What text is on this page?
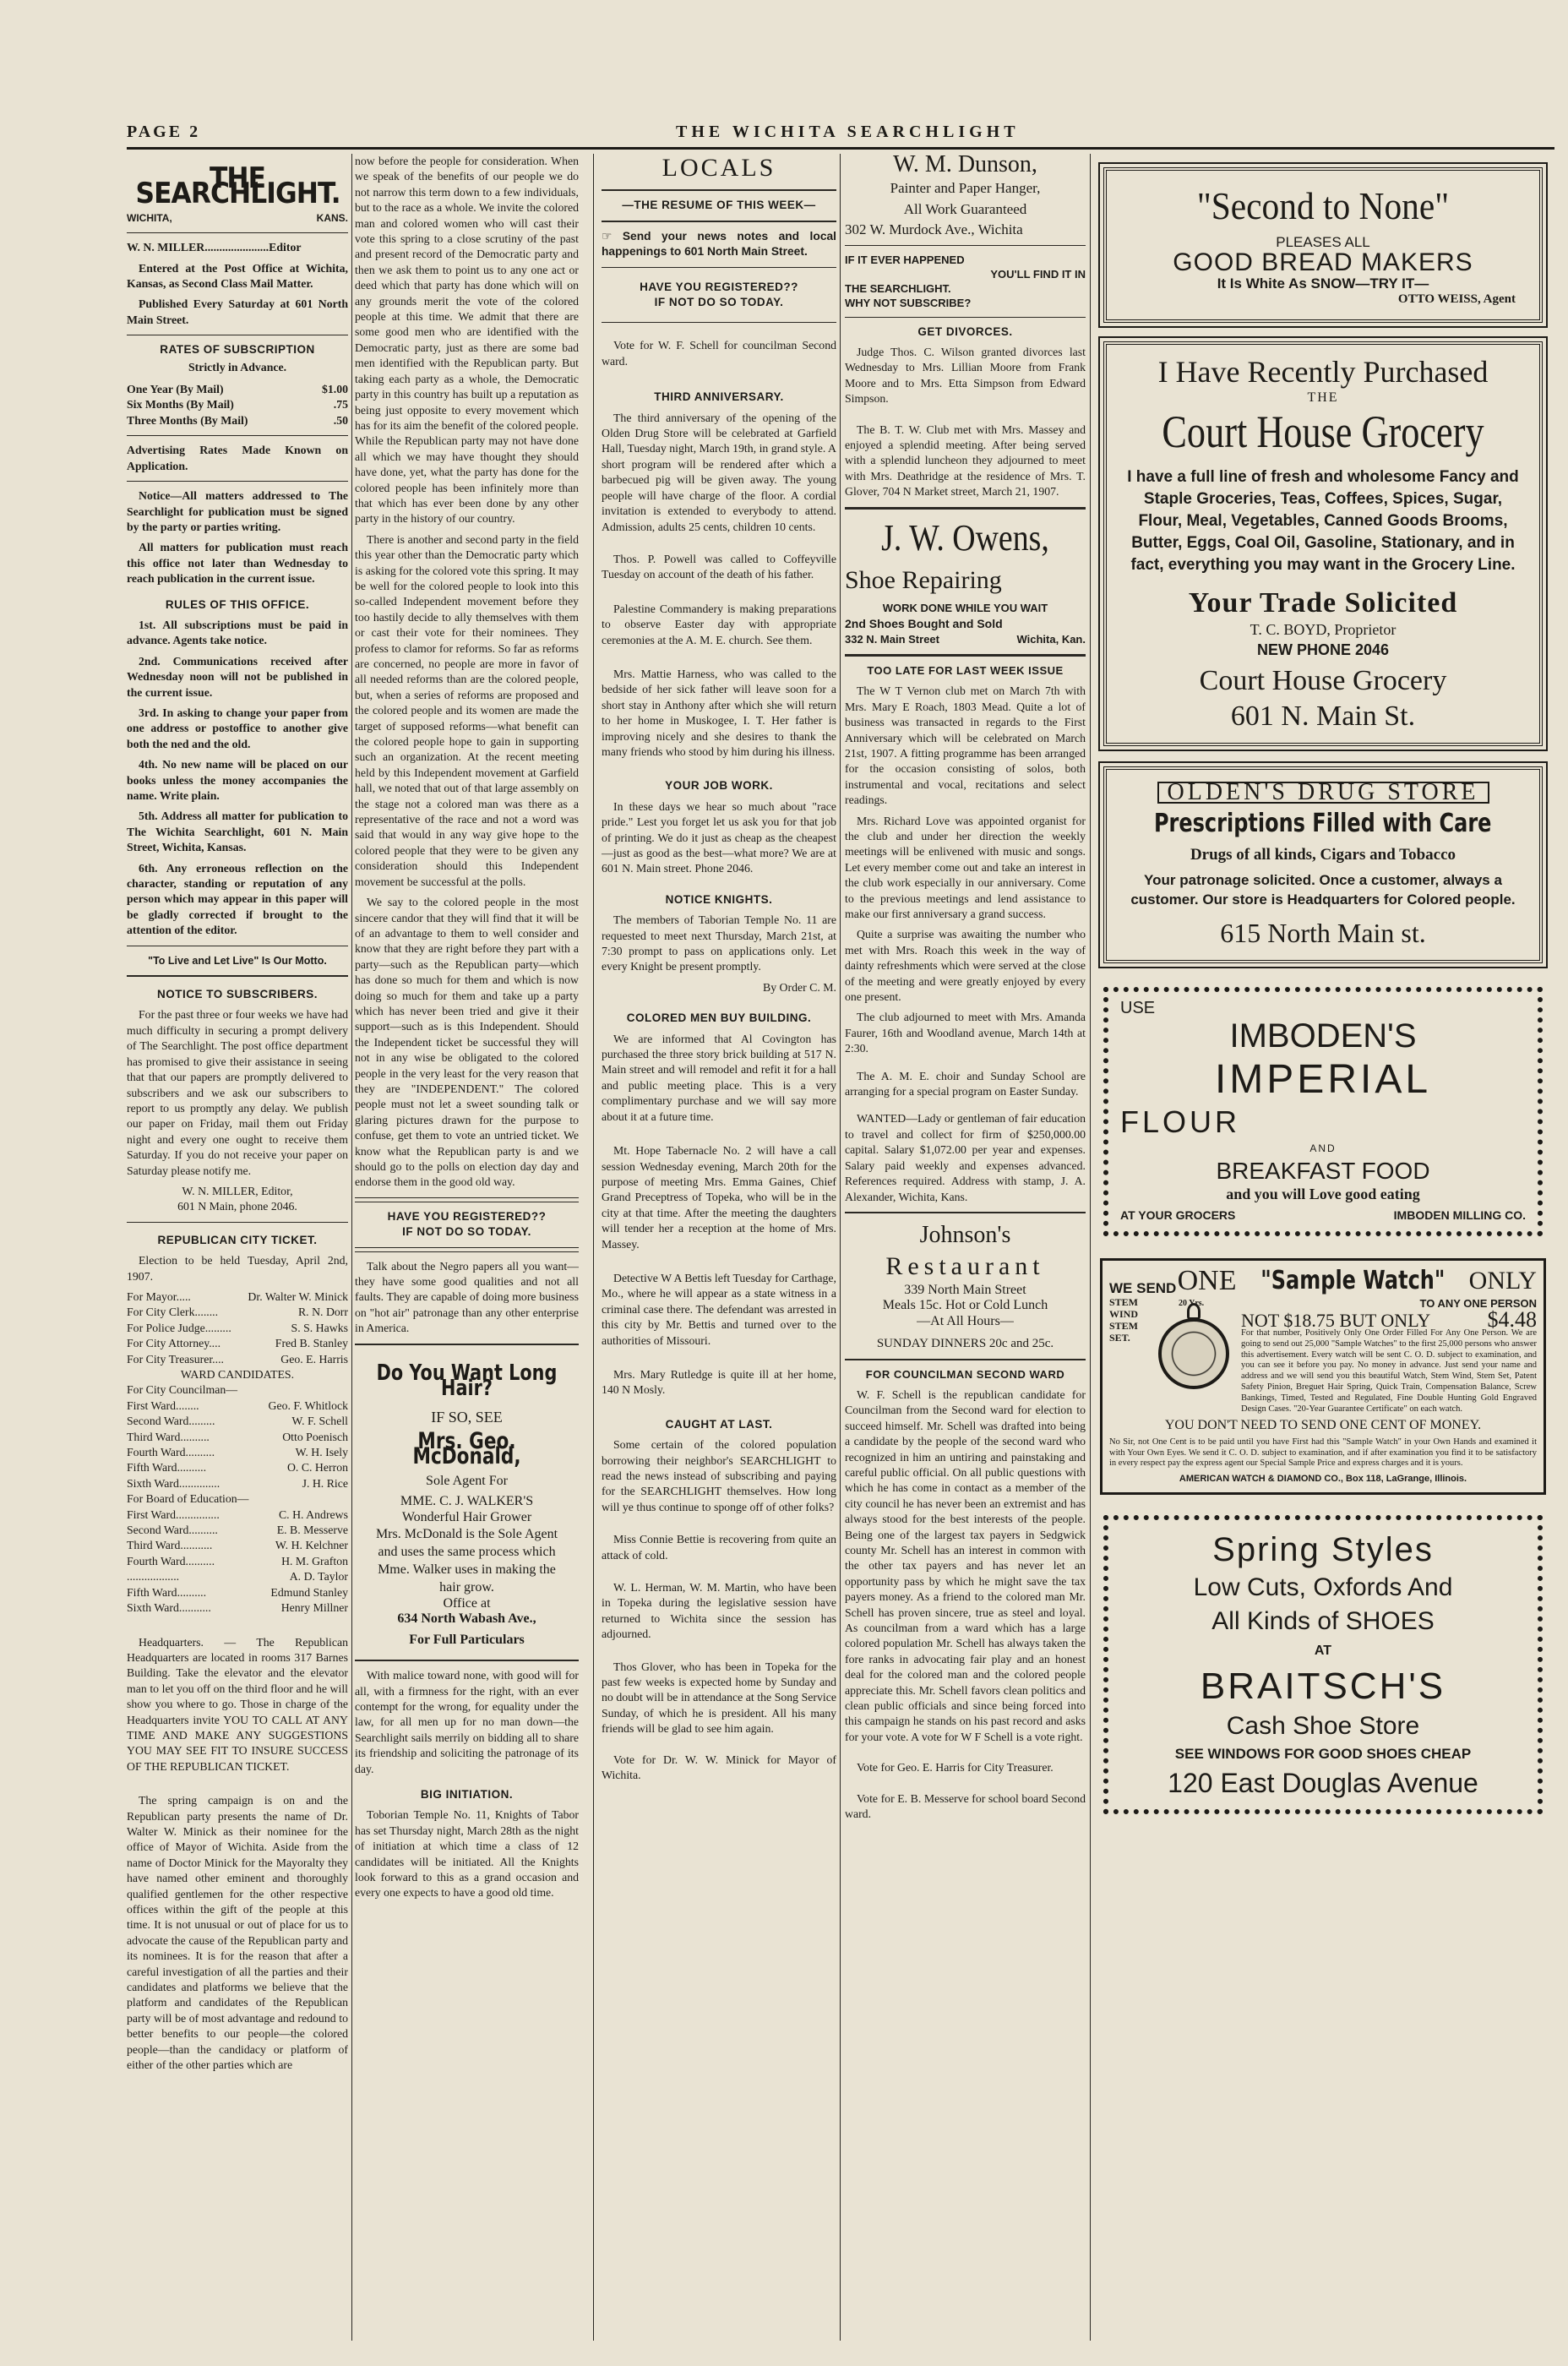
PAGE 2	THE WICHITA SEARCHLIGHT
THE SEARCHLIGHT.
WICHITA,	KANS.

W. N. MILLER......................Editor

Entered at the Post Office at Wichita, Kansas, as Second Class Mail Matter.

Published Every Saturday at 601 North Main Street.

RATES OF SUBSCRIPTION
Strictly in Advance.
One Year (By Mail)	$1.00
Six Months (By Mail)	.75
Three Months (By Mail)	.50

Advertising Rates Made Known on Application.

Notice—All matters addressed to The Searchlight for publication must be signed by the party or parties writing.

All matters for publication must reach this office not later than Wednesday to reach publication in the current issue.

RULES OF THIS OFFICE.

1st. All subscriptions must be paid in advance. Agents take notice.

2nd. Communications received after Wednesday noon will not be published in the current issue.

3rd. In asking to change your paper from one address or postoffice to another give both the ned and the old.

4th. No new name will be placed on our books unless the money accompanies the name. Write plain.

5th. Address all matter for publication to The Wichita Searchlight, 601 N. Main Street, Wichita, Kansas.

6th. Any erroneous reflection on the character, standing or reputation of any person which may appear in this paper will be gladly corrected if brought to the attention of the editor.

"To Live and Let Live" Is Our Motto.
NOTICE TO SUBSCRIBERS.

For the past three or four weeks we have had much difficulty in securing a prompt delivery of The Searchlight. The post office department has promised to give their assistance in seeing that that our papers are promptly delivered to subscribers and we ask our subscribers to report to us promptly any delay. We publish our paper on Friday, mail them out Friday night and every one ought to receive them Saturday. If you do not receive your paper on Saturday please notify me.

W. N. MILLER, Editor,
601 N Main, phone 2046.
REPUBLICAN CITY TICKET.

Election to be held Tuesday, April 2nd, 1907.

For Mayor.....	Dr. Walter W. Minick
For City Clerk........	R. N. Dorr
For Police Judge.........	S. S. Hawks
For City Attorney....	Fred B. Stanley
For City Treasurer....	Geo. E. Harris
WARD CANDIDATES.
For City Councilman—
First Ward........	Geo. F. Whitlock
Second Ward.........	W. F. Schell
Third Ward..........	Otto Poenisch
Fourth Ward..........	W. H. Isely
Fifth Ward..........	O. C. Herron
Sixth Ward..............	J. H. Rice
For Board of Education—
First Ward...............	C. H. Andrews
Second Ward..........	E. B. Messerve
Third Ward...........	W. H. Kelchner
Fourth Ward..........	H. M. Grafton
..................	A. D. Taylor
Fifth Ward..........	Edmund Stanley
Sixth Ward...........	Henry Millner

Headquarters. — The Republican Headquarters are located in rooms 317 Barnes Building. Take the elevator and the elevator man to let you off on the third floor and he will show you where to go. Those in charge of the Headquarters invite YOU TO CALL AT ANY TIME AND MAKE ANY SUGGESTIONS YOU MAY SEE FIT TO INSURE SUCCESS OF THE REPUBLICAN TICKET.

The spring campaign is on and the Republican party presents the name of Dr. Walter W. Minick as their nominee for the office of Mayor of Wichita. Aside from the name of Doctor Minick for the Mayoralty they have named other eminent and thoroughly qualified gentlemen for the other respective offices within the gift of the people at this time. It is not unusual or out of place for us to advocate the cause of the Republican party and its nominees. It is for the reason that after a careful investigation of all the parties and their candidates and platforms we believe that the platform and candidates of the Republican party will be of most advantage and redound to better benefits to our people—the colored people—than the candidacy or platform of either of the other parties which are

now before the people for consideration. When we speak of the benefits of our people we do not narrow this term down to a few individuals, but to the race as a whole. We invite the colored man and colored women who will cast their vote this spring to a close scrutiny of the past and present record of the Democratic party and then we ask them to point us to any one act or deed which that party has done which will on any grounds merit the vote of the colored people at this time. We admit that there are some good men who are identified with the Democratic party, just as there are some bad men identified with the Republican party. But taking each party as a whole, the Democratic party in this country has built up a reputation as being just opposite to every movement which has for its aim the benefit of the colored people. While the Republican party may not have done all which we may have thought they should have done, yet, what the party has done for the colored people has been infinitely more than that which has ever been done by any other party in the history of our country.

There is another and second party in the field this year other than the Democratic party which is asking for the colored vote this spring. It may be well for the colored people to look into this so-called Independent movement before they too hastily decide to ally themselves with them or cast their vote for their nominees. They profess to clamor for reforms. So far as reforms are concerned, no people are more in favor of all needed reforms than are the colored people, but, when a series of reforms are proposed and the colored people and its women are made the target of supposed reforms—what benefit can the colored people hope to gain in supporting such an organization. At the recent meeting held by this Independent movement at Garfield hall, we noted that out of that large assembly on the stage not a colored man was there as a representative of the race and not a word was said that would in any way give hope to the colored people that they were to be given any consideration should this Independent movement be successful at the polls.

We say to the colored people in the most sincere candor that they will find that it will be of an advantage to them to well consider and know that they are right before they part with a party—such as the Republican party—which has done so much for them and which is now doing so much for them and take up a party which has never been tried and give it their support—such as is this Independent. Should the Independent ticket be successful they will not in any wise be obligated to the colored people in the very least for the very reason that they are "INDEPENDENT." The colored people must not let a sweet sounding talk or glaring pictures drawn for the purpose to confuse, get them to vote an untried ticket. We know what the Republican party is and we should go to the polls on election day day and endorse them in the good old way.

HAVE YOU REGISTERED??
IF NOT DO SO TODAY.

Talk about the Negro papers all you want—they have some good qualities and not all faults. They are capable of doing more business on "hot air" patronage than any other enterprise in America.

Do You Want Long Hair?
IF SO, SEE
Mrs. Geo. McDonald,
Sole Agent For
MME. C. J. WALKER'S
Wonderful Hair Grower
Mrs. McDonald is the Sole Agent and uses the same process which Mme. Walker uses in making the hair grow.
Office at
634 North Wabash Ave.,
For Full Particulars

With malice toward none, with good will for all, with a firmness for the right, with an ever contempt for the wrong, for equality under the law, for all men up for no man down—the Searchlight sails merrily on bidding all to share its friendship and soliciting the patronage of its day.

BIG INITIATION.

Toborian Temple No. 11, Knights of Tabor has set Thursday night, March 28th as the night of initiation at which time a class of 12 candidates will be initiated. All the Knights look forward to this as a grand occasion and every one expects to have a good old time.

LOCALS
—THE RESUME OF THIS WEEK—

☞ Send your news notes and local happenings to 601 North Main Street.

HAVE YOU REGISTERED??
IF NOT DO SO TODAY.

Vote for W. F. Schell for councilman Second ward.

THIRD ANNIVERSARY.

The third anniversary of the opening of the Olden Drug Store will be celebrated at Garfield Hall, Tuesday night, March 19th, in grand style. A short program will be rendered after which a barbecued pig will be given away. The young people will have charge of the floor. A cordial invitation is extended to everybody to attend. Admission, adults 25 cents, children 10 cents.

Thos. P. Powell was called to Coffeyville Tuesday on account of the death of his father.

Palestine Commandery is making preparations to observe Easter day with appropriate ceremonies at the A. M. E. church. See them.

Mrs. Mattie Harness, who was called to the bedside of her sick father will leave soon for a short stay in Anthony after which she will return to her home in Muskogee, I. T. Her father is improving nicely and she desires to thank the many friends who stood by him during his illness.

YOUR JOB WORK.

In these days we hear so much about "race pride." Lest you forget let us ask you for that job of printing. We do it just as cheap as the cheapest—just as good as the best—what more? We are at 601 N. Main street. Phone 2046.

NOTICE KNIGHTS.

The members of Taborian Temple No. 11 are requested to meet next Thursday, March 21st, at 7:30 prompt to pass on applications only. Let every Knight be present promptly.

By Order C. M.
COLORED MEN BUY BUILDING.

We are informed that Al Covington has purchased the three story brick building at 517 N. Main street and will remodel and refit it for a hall and public meeting place. This is a very complimentary purchase and we will say more about it at a future time.

Mt. Hope Tabernacle No. 2 will have a call session Wednesday evening, March 20th for the purpose of meeting Mrs. Emma Gaines, Chief Grand Preceptress of Topeka, who will be in the city at that time. After the meeting the daughters will tender her a reception at the home of Mrs. Massey.

Detective W A Bettis left Tuesday for Carthage, Mo., where he will appear as a state witness in a criminal case there. The defendant was arrested in this city by Mr. Bettis and turned over to the authorities of Missouri.

Mrs. Mary Rutledge is quite ill at her home, 140 N Mosly.

CAUGHT AT LAST.

Some certain of the colored population borrowing their neighbor's SEARCHLIGHT to read the news instead of subscribing and paying for the SEARCHLIGHT themselves. How long will ye thus continue to sponge off of other folks?

Miss Connie Bettie is recovering from quite an attack of cold.

W. L. Herman, W. M. Martin, who have been in Topeka during the legislative session have returned to Wichita since the session has adjourned.

Thos Glover, who has been in Topeka for the past few weeks is expected home by Sunday and no doubt will be in attendance at the Song Service Sunday, of which he is president. All his many friends will be glad to see him again.

Vote for Dr. W. W. Minick for Mayor of Wichita.

W. M. Dunson,
Painter and Paper Hanger,
All Work Guaranteed
302 W. Murdock Ave., Wichita
IF IT EVER HAPPENED
YOU'LL FIND IT IN
THE SEARCHLIGHT.
WHY NOT SUBSCRIBE?
GET DIVORCES.

Judge Thos. C. Wilson granted divorces last Wednesday to Mrs. Lillian Moore from Frank Moore and to Mrs. Etta Simpson from Edward Simpson.

The B. T. W. Club met with Mrs. Massey and enjoyed a splendid meeting. After being served with a splendid luncheon they adjourned to meet with Mrs. Deathridge at the residence of Mrs. T. Glover, 704 N Market street, March 21, 1907.

J. W. Owens,
Shoe Repairing
WORK DONE WHILE YOU WAIT
2nd Shoes Bought and Sold
332 N. Main Street	Wichita, Kan.
TOO LATE FOR LAST WEEK ISSUE

The W T Vernon club met on March 7th with Mrs. Mary E Roach, 1803 Mead. Quite a lot of business was transacted in regards to the First Anniversary which will be celebrated on March 21st, 1907. A fitting programme has been arranged for the occasion consisting of solos, both instrumental and vocal, recitations and select readings.

Mrs. Richard Love was appointed organist for the club and under her direction the weekly meetings will be enlivened with music and songs. Let every member come out and take an interest in the club work especially in our anniversary. Come to the previous meetings and lend assistance to make our first anniversary a grand success.

Quite a surprise was awaiting the number who met with Mrs. Roach this week in the way of dainty refreshments which were served at the close of the meeting and were greatly enjoyed by every one present.

The club adjourned to meet with Mrs. Amanda Faurer, 16th and Woodland avenue, March 14th at 2:30.

The A. M. E. choir and Sunday School are arranging for a special program on Easter Sunday.

WANTED—Lady or gentleman of fair education to travel and collect for firm of $250,000.00 capital. Salary $1,072.00 per year and expenses. Salary paid weekly and expenses advanced. References required. Address with stamp, J. A. Alexander, Wichita, Kans.

Johnson's
Restaurant
339 North Main Street
Meals 15c. Hot or Cold Lunch
—At All Hours—
SUNDAY DINNERS 20c and 25c.
FOR COUNCILMAN SECOND WARD

W. F. Schell is the republican candidate for Councilman from the Second ward for election to succeed himself. Mr. Schell was drafted into being a candidate by the people of the second ward who recognized in him an untiring and painstaking and careful public official. On all public questions with which he has come in contact as a member of the city council he has never been an extremist and has always stood for the best interests of the people. Being one of the largest tax payers in Sedgwick county Mr. Schell has an interest in common with the other tax payers and has never let an opportunity pass by which he might save the tax payers money. As a friend to the colored man Mr. Schell has proven sincere, true as steel and loyal. As councilman from a ward which has a large colored population Mr. Schell has always taken the fore ranks in advocating fair play and an honest deal for the colored man and the colored people appreciate this. Mr. Schell favors clean politics and clean public officials and since being forced into this campaign he stands on his past record and asks for your vote. A vote for W F Schell is a vote right.

Vote for Geo. E. Harris for City Treasurer.

Vote for E. B. Messerve for school board Second ward.

"Second to None"
PLEASES ALL
GOOD BREAD MAKERS
It Is White As SNOW—TRY IT—
OTTO WEISS, Agent
I Have Recently Purchased
THE
Court House Grocery
I have a full line of fresh and wholesome Fancy and Staple Groceries, Teas, Coffees, Spices, Sugar, Flour, Meal, Vegetables, Canned Goods Brooms, Butter, Eggs, Coal Oil, Gasoline, Stationary, and in fact, everything you may want in the Grocery Line.
Your Trade Solicited
T. C. BOYD, Proprietor
NEW PHONE 2046
Court House Grocery
601 N. Main St.
OLDEN'S DRUG STORE Prescriptions Filled with Care
Drugs of all kinds, Cigars and Tobacco
Your patronage solicited. Once a customer, always a customer. Our store is Headquarters for Colored people.
615 North Main st.
USE
IMBODEN'S
IMPERIAL
FLOUR
AND
BREAKFAST FOOD
and you will Love good eating
AT YOUR GROCERS	IMBODEN MILLING CO.
WE SEND ONE "Sample Watch" ONLY
STEM
WIND
STEM
SET.
20 Yrs.	TO ANY ONE PERSON
NOT $18.75 BUT ONLY	$4.48
For that number, Positively Only One Order Filled For Any One Person. We are going to send out 25,000 "Sample Watches" to the first 25,000 persons who answer this advertisement. Every watch will be sent C. O. D. subject to examination, and you can see it before you pay. No money in advance. Just send your name and address and we will send you this beautiful Watch, Stem Wind, Stem Set, Patent Safety Pinion, Breguet Hair Spring, Quick Train, Compensation Balance, Screw Bankings, Timed, Tested and Regulated, Fine Double Hunting Gold Engraved Design Cases. "20-Year Guarantee Certificate" on each watch.
YOU DON'T NEED TO SEND ONE CENT OF MONEY.
No Sir, not One Cent is to be paid until you have First had this "Sample Watch" in your Own Hands and examined it with Your Own Eyes. We send it C. O. D. subject to examination, and if after examination you find it to be satisfactory in every respect pay the express agent our Special Sample Price and express charges and it is yours.
AMERICAN WATCH & DIAMOND CO., Box 118, LaGrange, Illinois.
Spring Styles
Low Cuts, Oxfords And
All Kinds of SHOES
AT
BRAITSCH'S
Cash Shoe Store
SEE WINDOWS FOR GOOD SHOES CHEAP
120 East Douglas Avenue
